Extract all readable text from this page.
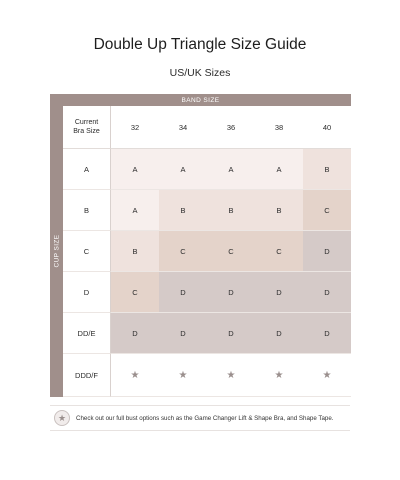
Double Up Triangle Size Guide
US/UK Sizes
BAND SIZE
CUP SIZE
Current
Bra Size	32	34	36	38	40
A	A	A	A	A	B
B	A	B	B	B	C
C	B	C	C	C	D
D	C	D	D	D	D
DD/E	D	D	D	D	D
DDD/F	★	★	★	★	★
★	Check out our full bust options such as the Game Changer Lift & Shape Bra, and Shape Tape.
